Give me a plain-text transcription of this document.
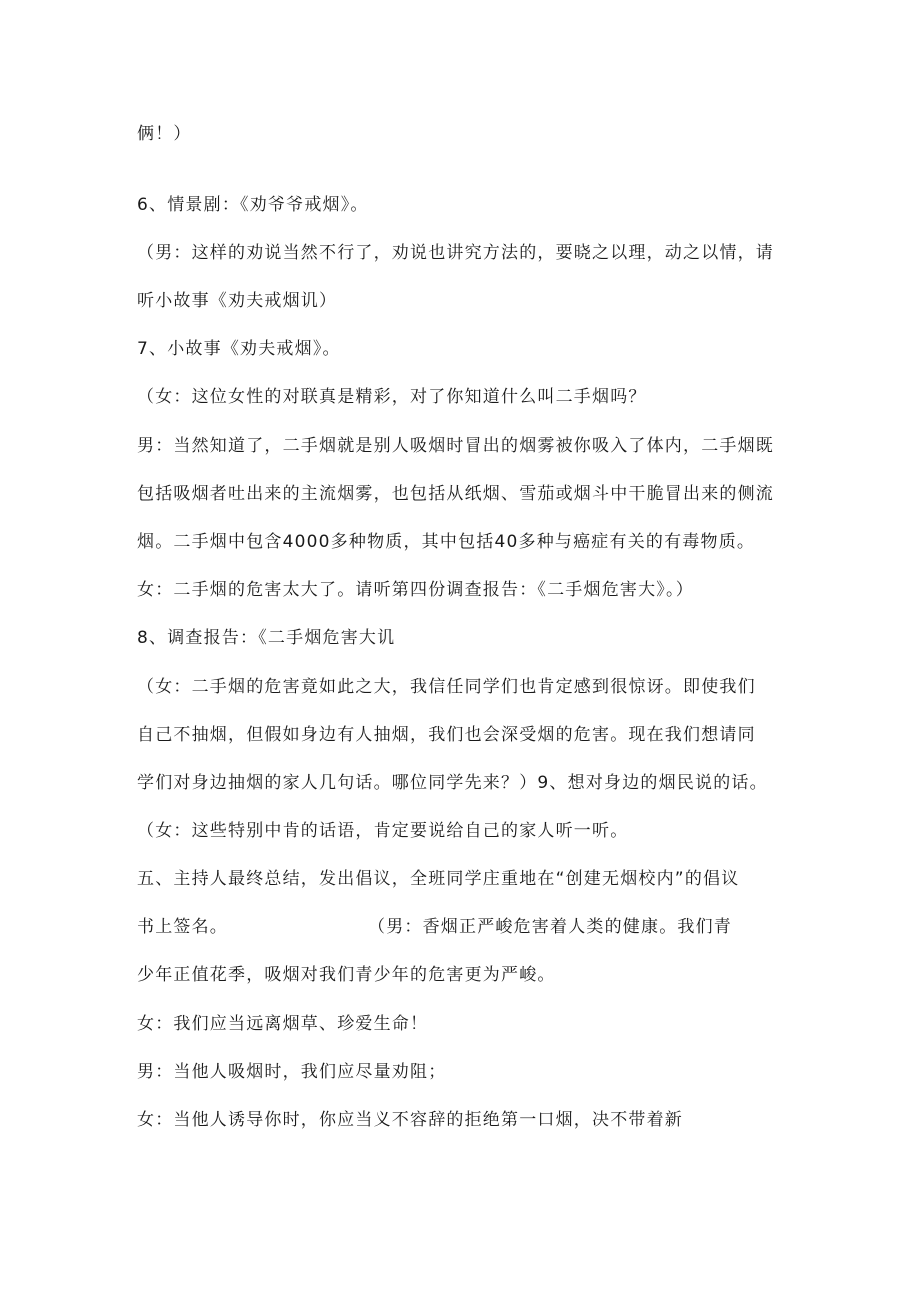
俩！）
6、情景剧：《劝爷爷戒烟》。
（男：这样的劝说当然不行了，劝说也讲究方法的，要晓之以理，动之以情，请
听小故事《劝夫戒烟讥）
7、小故事《劝夫戒烟》。
（女：这位女性的对联真是精彩，对了你知道什么叫二手烟吗？
男：当然知道了，二手烟就是别人吸烟时冒出的烟雾被你吸入了体内，二手烟既
包括吸烟者吐出来的主流烟雾，也包括从纸烟、雪茄或烟斗中干脆冒出来的侧流
烟。二手烟中包含4000多种物质，其中包括40多种与癌症有关的有毒物质。
女：二手烟的危害太大了。请听第四份调查报告：《二手烟危害大》。）
8、调查报告：《二手烟危害大讥
（女：二手烟的危害竟如此之大，我信任同学们也肯定感到很惊讶。即使我们
自己不抽烟，但假如身边有人抽烟，我们也会深受烟的危害。现在我们想请同
学们对身边抽烟的家人几句话。哪位同学先来？）9、想对身边的烟民说的话。
（女：这些特别中肯的话语，肯定要说给自己的家人听一听。
五、主持人最终总结，发出倡议，全班同学庄重地在“创建无烟校内”的倡议
书上签名。	（男：香烟正严峻危害着人类的健康。我们青
少年正值花季，吸烟对我们青少年的危害更为严峻。
女：我们应当远离烟草、珍爱生命！
男：当他人吸烟时，我们应尽量劝阻；
女：当他人诱导你时，你应当义不容辞的拒绝第一口烟，决不带着新
